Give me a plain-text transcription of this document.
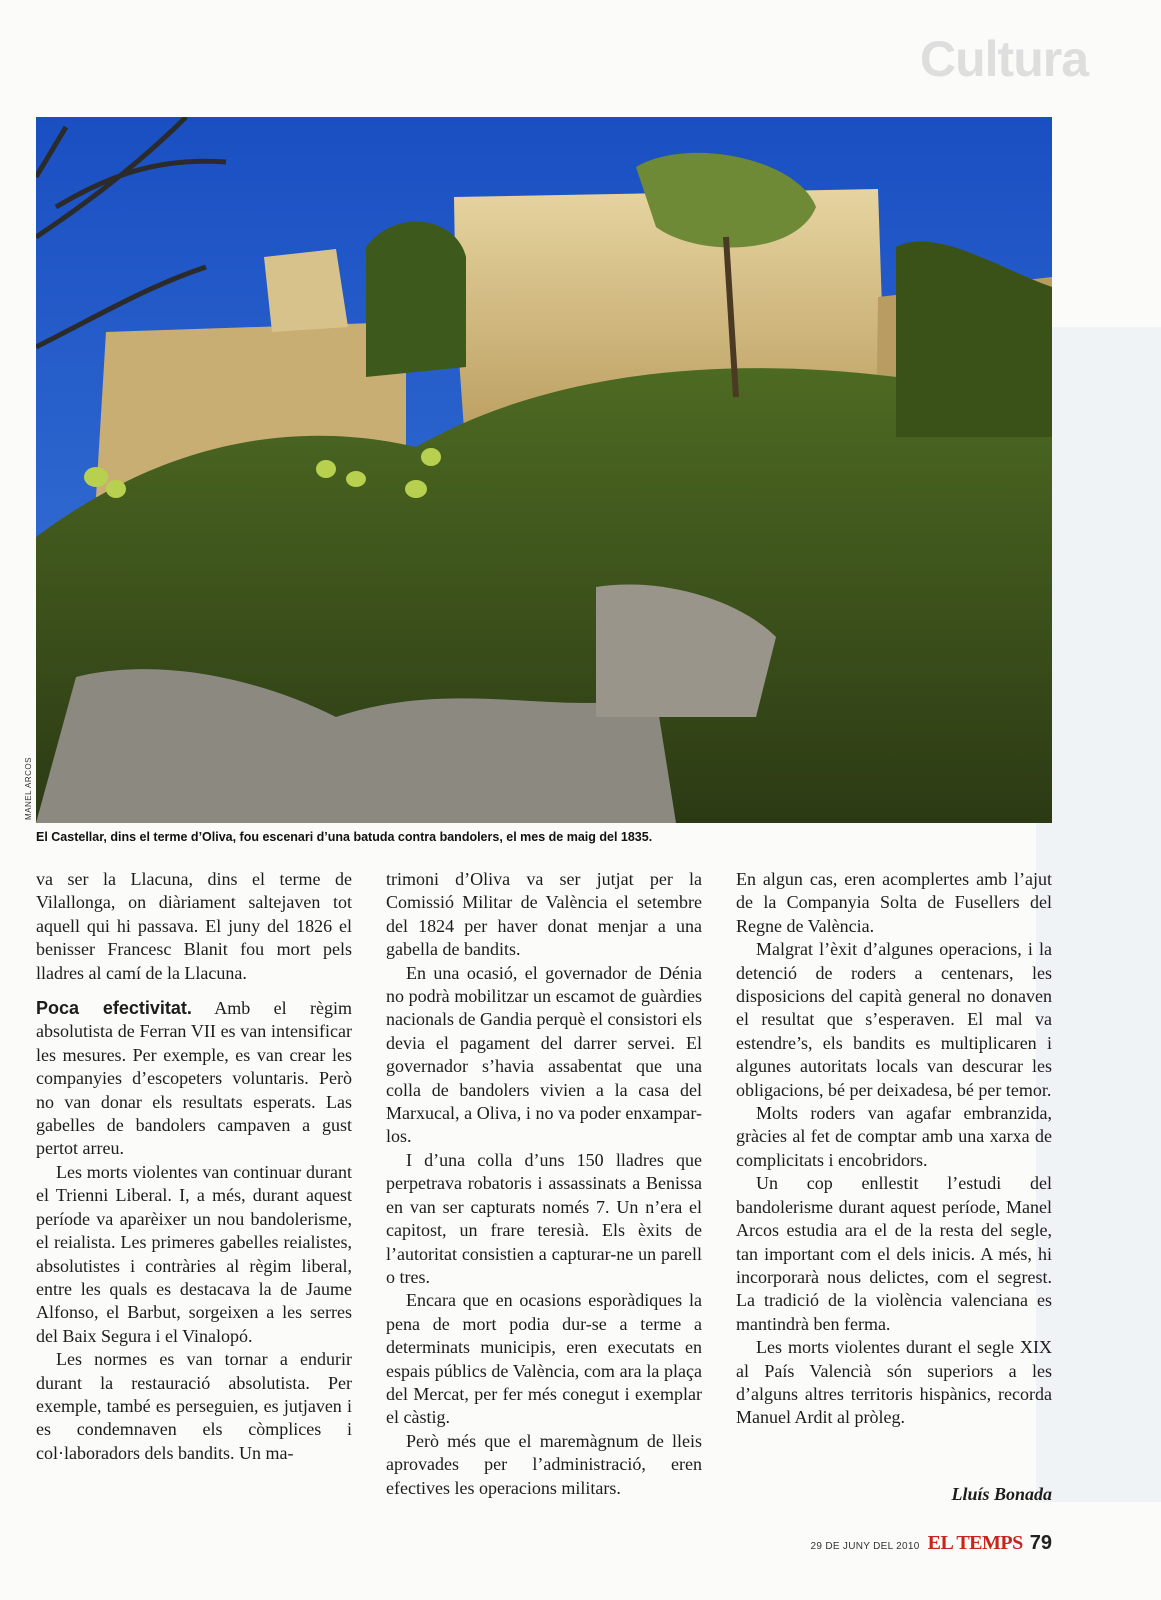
Cultura
MANEL ARCOS
El Castellar, dins el terme d’Oliva, fou escenari d’una batuda contra bandolers, el mes de maig del 1835.

va ser la Llacuna, dins el terme de Vilallonga, on diàriament saltejaven tot aquell qui hi passava. El juny del 1826 el benisser Francesc Blanit fou mort pels lladres al camí de la Llacuna.

Poca efectivitat. Amb el règim absolutista de Ferran VII es van intensificar les mesures. Per exemple, es van crear les companyies d’escopeters voluntaris. Però no van donar els resultats esperats. Las gabelles de bandolers campaven a gust pertot arreu.

Les morts violentes van continuar durant el Trienni Liberal. I, a més, durant aquest període va aparèixer un nou bandolerisme, el reialista. Les primeres gabelles reialistes, absolutistes i contràries al règim liberal, entre les quals es destacava la de Jaume Alfonso, el Barbut, sorgeixen a les serres del Baix Segura i el Vinalopó.

Les normes es van tornar a endurir durant la restauració absolutista. Per exemple, també es perseguien, es jutjaven i es condemnaven els còmplices i col·laboradors dels bandits. Un ma-

trimoni d’Oliva va ser jutjat per la Comissió Militar de València el setembre del 1824 per haver donat menjar a una gabella de bandits.

En una ocasió, el governador de Dénia no podrà mobilitzar un escamot de guàrdies nacionals de Gandia perquè el consistori els devia el pagament del darrer servei. El governador s’havia assabentat que una colla de bandolers vivien a la casa del Marxucal, a Oliva, i no va poder enxampar-los.

I d’una colla d’uns 150 lladres que perpetrava robatoris i assassinats a Benissa en van ser capturats només 7. Un n’era el capitost, un frare teresià. Els èxits de l’autoritat consistien a capturar-ne un parell o tres.

Encara que en ocasions esporàdiques la pena de mort podia dur-se a terme a determinats municipis, eren executats en espais públics de València, com ara la plaça del Mercat, per fer més conegut i exemplar el càstig.

Però més que el maremàgnum de lleis aprovades per l’administració, eren efectives les operacions militars.

En algun cas, eren acomplertes amb l’ajut de la Companyia Solta de Fusellers del Regne de València.

Malgrat l’èxit d’algunes operacions, i la detenció de roders a centenars, les disposicions del capità general no donaven el resultat que s’esperaven. El mal va estendre’s, els bandits es multiplicaren i algunes autoritats locals van descurar les obligacions, bé per deixadesa, bé per temor.

Molts roders van agafar embranzida, gràcies al fet de comptar amb una xarxa de complicitats i encobridors.

Un cop enllestit l’estudi del bandolerisme durant aquest període, Manel Arcos estudia ara el de la resta del segle, tan important com el dels inicis. A més, hi incorporarà nous delictes, com el segrest. La tradició de la violència valenciana es mantindrà ben ferma.

Les morts violentes durant el segle XIX al País Valencià són superiors a les d’alguns altres territoris hispànics, recorda Manuel Ardit al pròleg.

Lluís Bonada
29 DE JUNY DEL 2010 EL TEMPS 79
